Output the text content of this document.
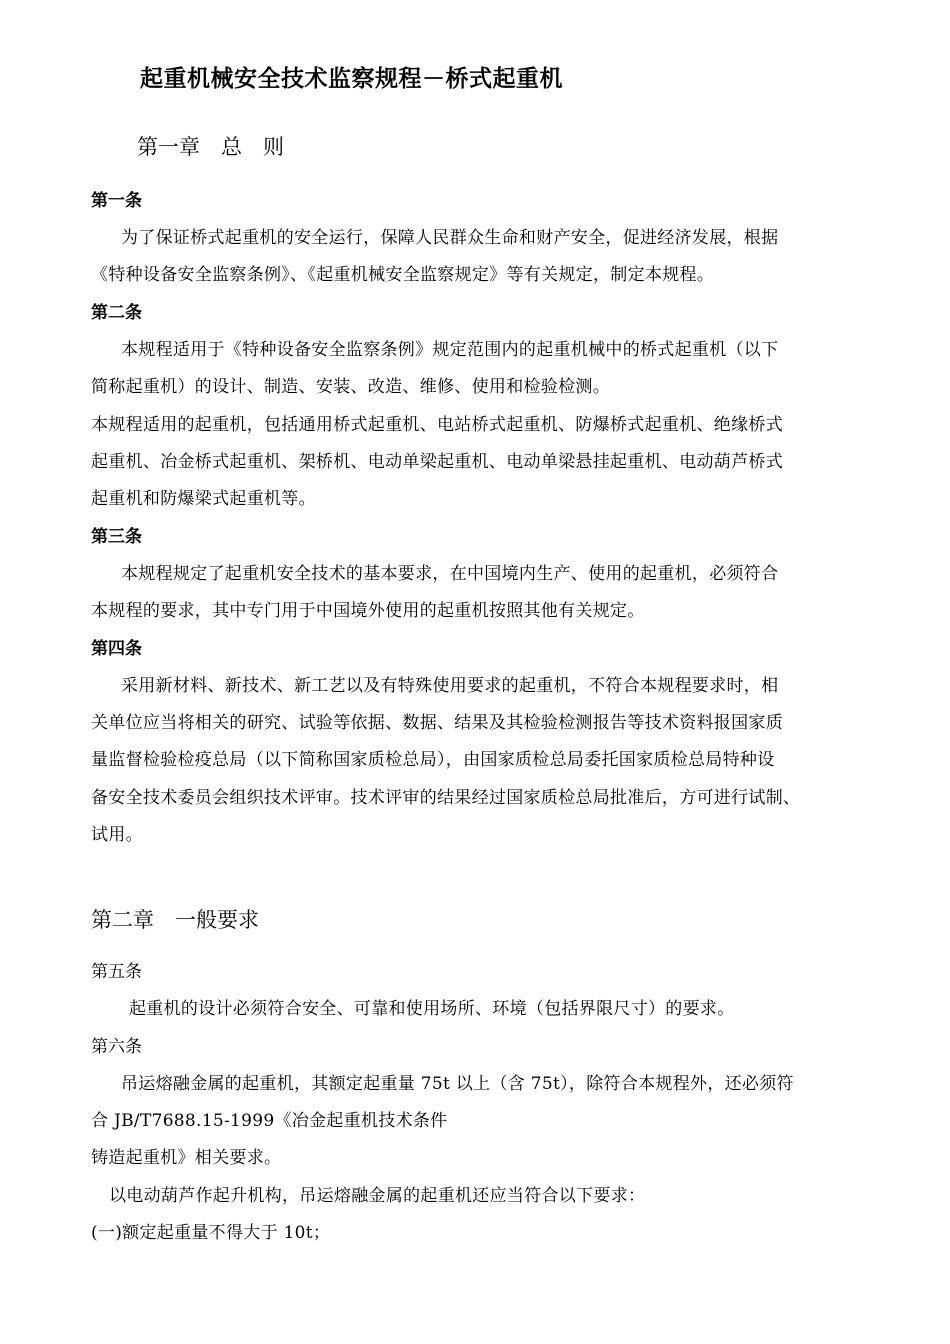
起重机械安全技术监察规程－桥式起重机
第一章　总　则
第一条
为了保证桥式起重机的安全运行，保障人民群众生命和财产安全，促进经济发展，根据
《特种设备安全监察条例》、《起重机械安全监察规定》等有关规定，制定本规程。
第二条
本规程适用于《特种设备安全监察条例》规定范围内的起重机械中的桥式起重机（以下
简称起重机）的设计、制造、安装、改造、维修、使用和检验检测。
本规程适用的起重机，包括通用桥式起重机、电站桥式起重机、防爆桥式起重机、绝缘桥式
起重机、冶金桥式起重机、架桥机、电动单梁起重机、电动单梁悬挂起重机、电动葫芦桥式
起重机和防爆梁式起重机等。
第三条
本规程规定了起重机安全技术的基本要求，在中国境内生产、使用的起重机，必须符合
本规程的要求，其中专门用于中国境外使用的起重机按照其他有关规定。
第四条
采用新材料、新技术、新工艺以及有特殊使用要求的起重机，不符合本规程要求时，相
关单位应当将相关的研究、试验等依据、数据、结果及其检验检测报告等技术资料报国家质
量监督检验检疫总局（以下简称国家质检总局），由国家质检总局委托国家质检总局特种设
备安全技术委员会组织技术评审。技术评审的结果经过国家质检总局批准后，方可进行试制、
试用。
第二章　一般要求
第五条
起重机的设计必须符合安全、可靠和使用场所、环境（包括界限尺寸）的要求。
第六条
吊运熔融金属的起重机，其额定起重量 75t 以上（含 75t），除符合本规程外，还必须符
合 JB/T7688.15-1999《冶金起重机技术条件
铸造起重机》相关要求。
以电动葫芦作起升机构，吊运熔融金属的起重机还应当符合以下要求：
(一)额定起重量不得大于 10t；
